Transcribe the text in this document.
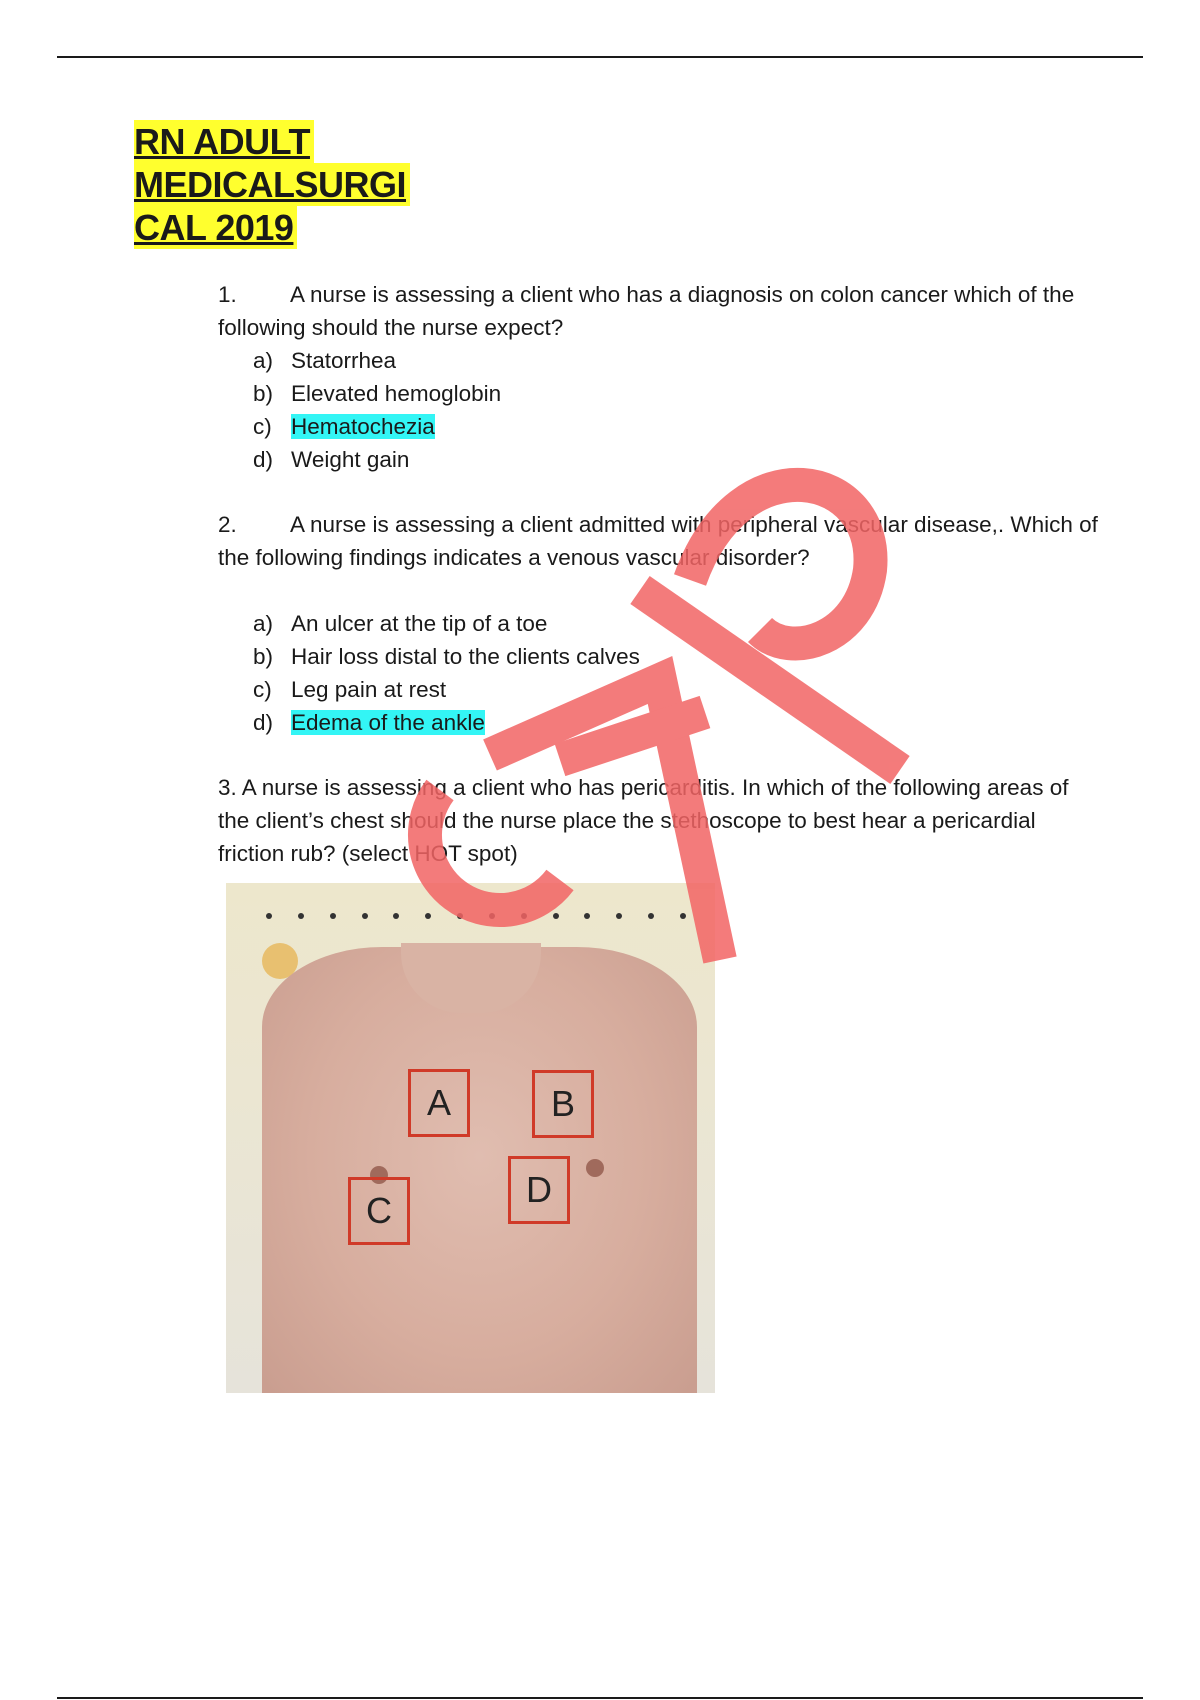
RN ADULT
MEDICALSURGI
CAL 2019
1.	A nurse is assessing a client who has a diagnosis on colon cancer which of the following should the nurse expect?

a) Statorrhea
b) Elevated hemoglobin
c) Hematochezia
d) Weight gain
2.	A nurse is assessing a client admitted with peripheral vascular disease,. Which of the following findings indicates a venous vascular disorder?

a) An ulcer at the tip of a toe
b) Hair loss distal to the clients calves
c) Leg pain at rest
d) Edema of the ankle

3. A nurse is assessing a client who has pericarditis. In which of the following areas of the client’s chest should the nurse place the stethoscope to best hear a pericardial friction rub? (select HOT spot)

A	B
C
D
